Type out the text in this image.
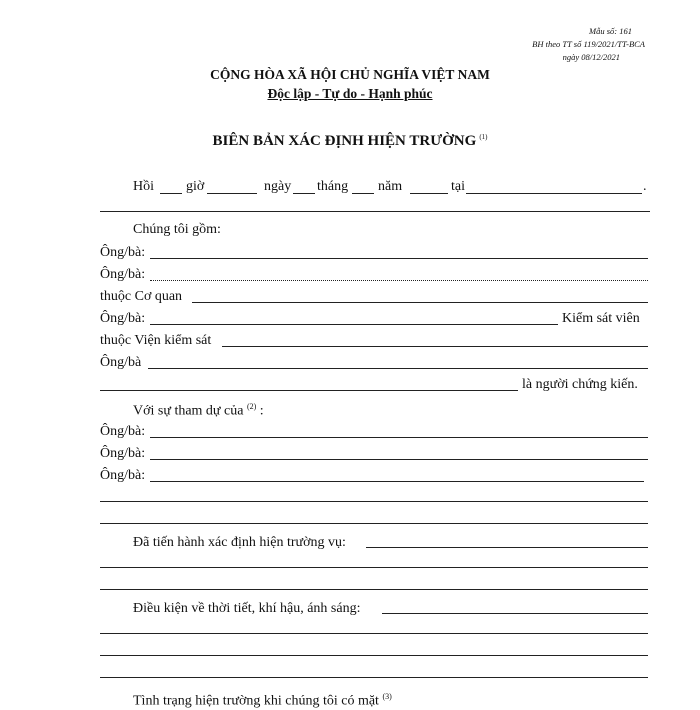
Mẫu số: 161
BH theo TT số 119/2021/TT-BCA
ngày 08/12/2021
CỘNG HÒA XÃ HỘI CHỦ NGHĨA VIỆT NAM
Độc lập - Tự do - Hạnh phúc
BIÊN BẢN XÁC ĐỊNH HIỆN TRƯỜNG $^{(1)}$
Hồi giờ	ngày tháng năm	tại	.
Chúng tôi gồm:
Ông/bà:
Ông/bà:
thuộc Cơ quan
Ông/bà:	Kiểm sát viên
thuộc Viện kiểm sát
Ông/bà
là người chứng kiến.
Với sự tham dự của $^{(2)}$ :
Ông/bà:
Ông/bà:
Ông/bà:
Đã tiến hành xác định hiện trường vụ:
Điều kiện về thời tiết, khí hậu, ánh sáng:
Tình trạng hiện trường khi chúng tôi có mặt $^{(3)}$
